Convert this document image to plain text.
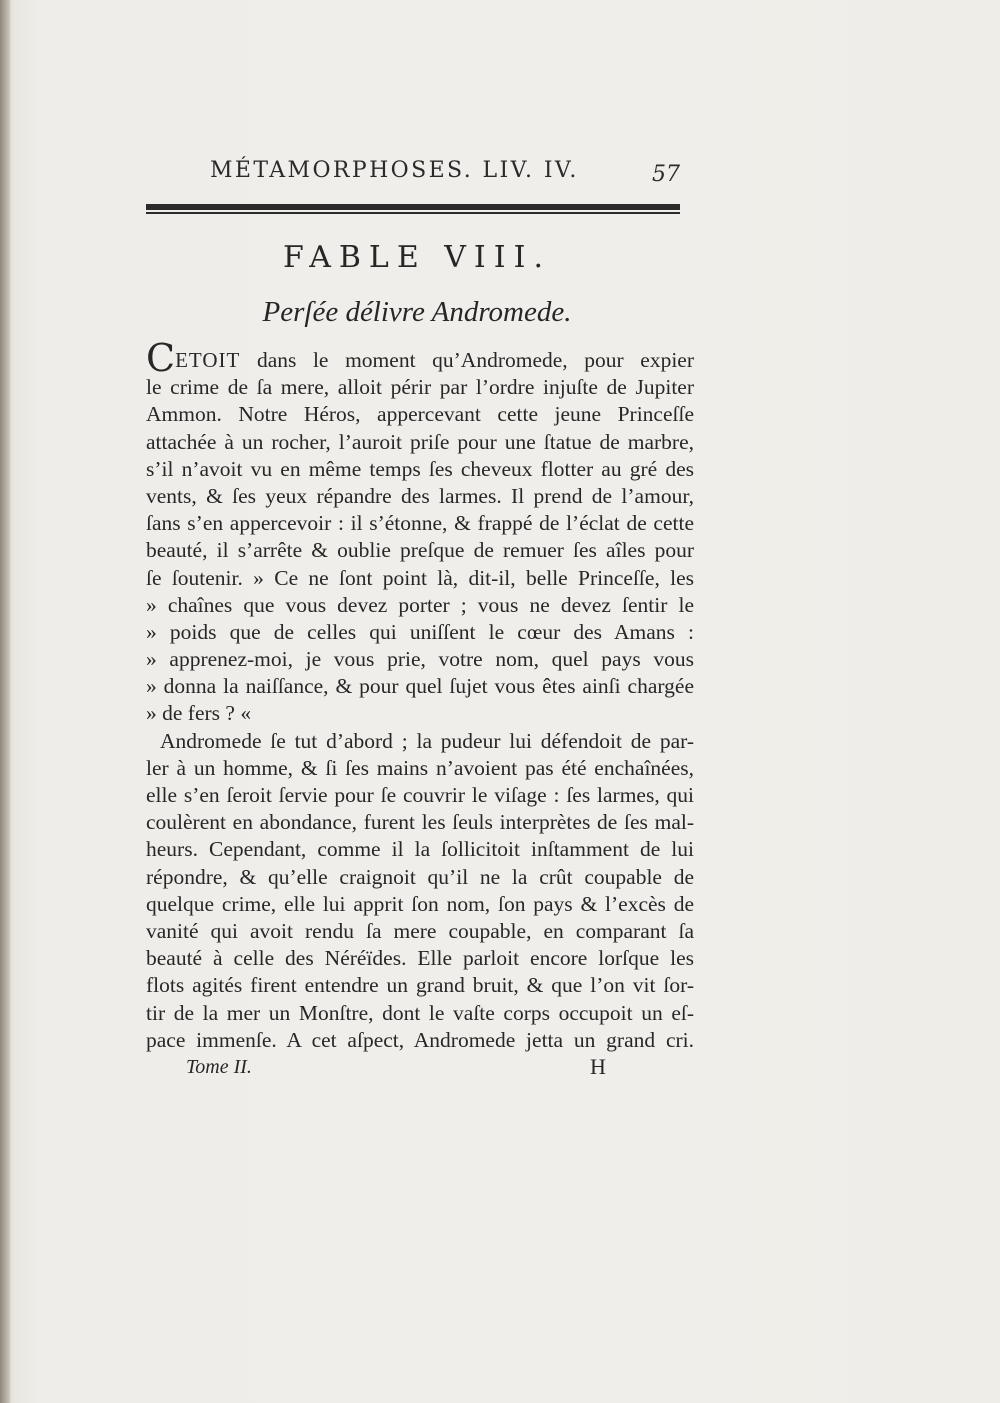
MÉTAMORPHOSES. LIV. IV.	57
FABLE VIII.
Perſée délivre Andromede.
CETOIT dans le moment qu’Andromede, pour expier
le crime de ſa mere, alloit périr par l’ordre injuſte de Jupiter
Ammon. Notre Héros, appercevant cette jeune Princeſſe
attachée à un rocher, l’auroit priſe pour une ſtatue de marbre,
s’il n’avoit vu en même temps ſes cheveux flotter au gré des
vents, & ſes yeux répandre des larmes. Il prend de l’amour,
ſans s’en appercevoir : il s’étonne, & frappé de l’éclat de cette
beauté, il s’arrête & oublie preſque de remuer ſes aîles pour
ſe ſoutenir. » Ce ne ſont point là, dit-il, belle Princeſſe, les
» chaînes que vous devez porter ; vous ne devez ſentir le
» poids que de celles qui uniſſent le cœur des Amans :
» apprenez-moi, je vous prie, votre nom, quel pays vous
» donna la naiſſance, & pour quel ſujet vous êtes ainſi chargée
» de fers ? «
Andromede ſe tut d’abord ; la pudeur lui défendoit de par-
ler à un homme, & ſi ſes mains n’avoient pas été enchaînées,
elle s’en ſeroit ſervie pour ſe couvrir le viſage : ſes larmes, qui
coulèrent en abondance, furent les ſeuls interprètes de ſes mal-
heurs. Cependant, comme il la ſollicitoit inſtamment de lui
répondre, & qu’elle craignoit qu’il ne la crût coupable de
quelque crime, elle lui apprit ſon nom, ſon pays & l’excès de
vanité qui avoit rendu ſa mere coupable, en comparant ſa
beauté à celle des Néréïdes. Elle parloit encore lorſque les
flots agités firent entendre un grand bruit, & que l’on vit ſor-
tir de la mer un Monſtre, dont le vaſte corps occupoit un eſ-
pace immenſe. A cet aſpect, Andromede jetta un grand cri.
Tome II.	H
